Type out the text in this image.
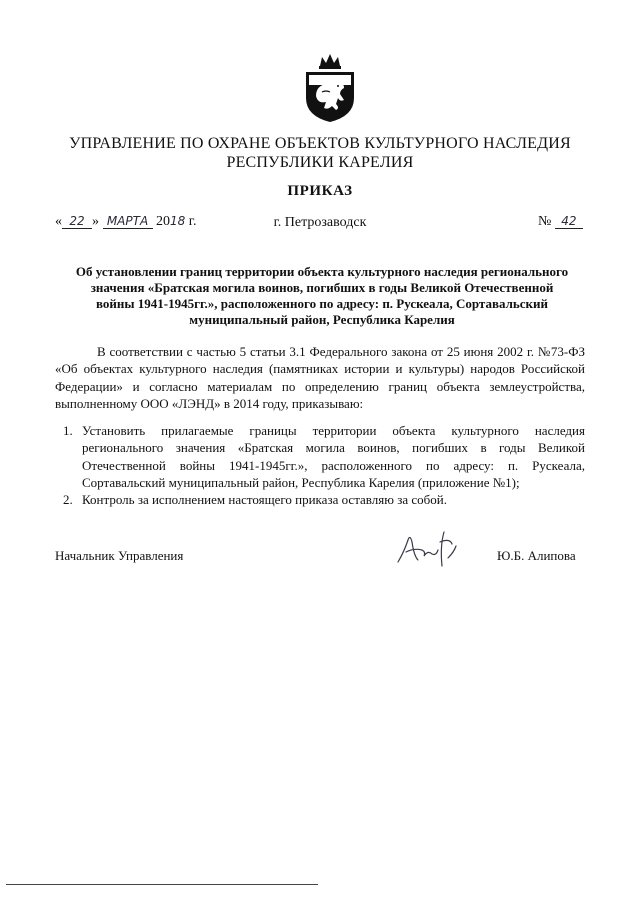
УПРАВЛЕНИЕ ПО ОХРАНЕ ОБЪЕКТОВ КУЛЬТУРНОГО НАСЛЕДИЯ
РЕСПУБЛИКИ КАРЕЛИЯ
ПРИКАЗ
« 22 » МАРТА 2018 г.	г. Петрозаводск	№ 42
Об установлении границ территории объекта культурного наследия регионального
значения «Братская могила воинов, погибших в годы Великой Отечественной
войны 1941-1945гг.», расположенного по адресу: п. Рускеала, Сортавальский
муниципальный район, Республика Карелия
В соответствии с частью 5 статьи 3.1 Федерального закона от 25 июня 2002 г. №73-ФЗ «Об объектах культурного наследия (памятниках истории и культуры) народов Российской Федерации» и согласно материалам по определению границ объекта землеустройства, выполненному ООО «ЛЭНД» в 2014 году, приказываю:
1. Установить прилагаемые границы территории объекта культурного наследия регионального значения «Братская могила воинов, погибших в годы Великой Отечественной войны 1941-1945гг.», расположенного по адресу: п. Рускеала, Сортавальский муниципальный район, Республика Карелия (приложение №1);
2. Контроль за исполнением настоящего приказа оставляю за собой.
Начальник Управления	Ю.Б. Алипова
